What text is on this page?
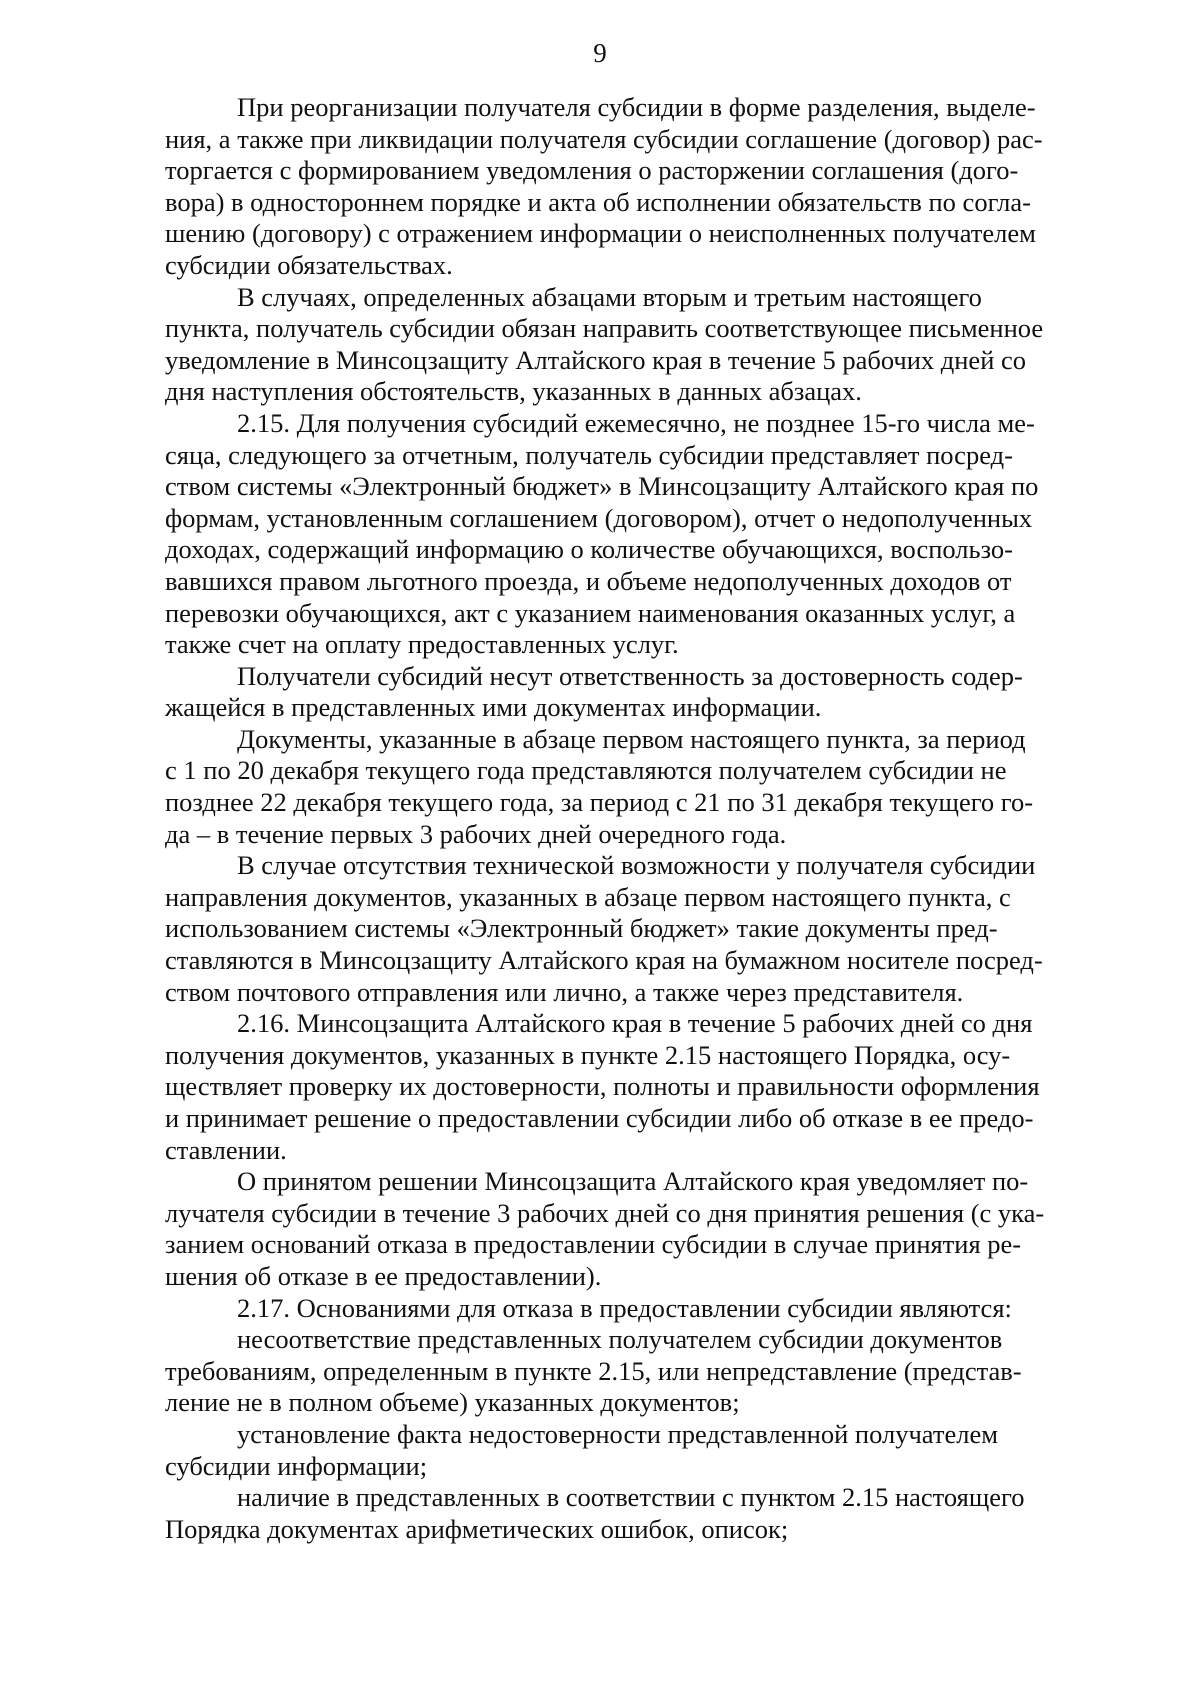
9

При реорганизации получателя субсидии в форме разделения, выделе-
ния, а также при ликвидации получателя субсидии соглашение (договор) рас-
торгается с формированием уведомления о расторжении соглашения (дого-
вора) в одностороннем порядке и акта об исполнении обязательств по согла-
шению (договору) с отражением информации о неисполненных получателем
субсидии обязательствах.

В случаях, определенных абзацами вторым и третьим настоящего
пункта, получатель субсидии обязан направить соответствующее письменное
уведомление в Минсоцзащиту Алтайского края в течение 5 рабочих дней со
дня наступления обстоятельств, указанных в данных абзацах.

2.15. Для получения субсидий ежемесячно, не позднее 15-го числа ме-
сяца, следующего за отчетным, получатель субсидии представляет посред-
ством системы «Электронный бюджет» в Минсоцзащиту Алтайского края по
формам, установленным соглашением (договором), отчет о недополученных
доходах, содержащий информацию о количестве обучающихся, воспользо-
вавшихся правом льготного проезда, и объеме недополученных доходов от
перевозки обучающихся, акт с указанием наименования оказанных услуг, а
также счет на оплату предоставленных услуг.

Получатели субсидий несут ответственность за достоверность содер-
жащейся в представленных ими документах информации.

Документы, указанные в абзаце первом настоящего пункта, за период
с 1 по 20 декабря текущего года представляются получателем субсидии не
позднее 22 декабря текущего года, за период с 21 по 31 декабря текущего го-
да – в течение первых 3 рабочих дней очередного года.

В случае отсутствия технической возможности у получателя субсидии
направления документов, указанных в абзаце первом настоящего пункта, с
использованием системы «Электронный бюджет» такие документы пред-
ставляются в Минсоцзащиту Алтайского края на бумажном носителе посред-
ством почтового отправления или лично, а также через представителя.

2.16. Минсоцзащита Алтайского края в течение 5 рабочих дней со дня
получения документов, указанных в пункте 2.15 настоящего Порядка, осу-
ществляет проверку их достоверности, полноты и правильности оформления
и принимает решение о предоставлении субсидии либо об отказе в ее предо-
ставлении.

О принятом решении Минсоцзащита Алтайского края уведомляет по-
лучателя субсидии в течение 3 рабочих дней со дня принятия решения (с ука-
занием оснований отказа в предоставлении субсидии в случае принятия ре-
шения об отказе в ее предоставлении).

2.17. Основаниями для отказа в предоставлении субсидии являются:

несоответствие представленных получателем субсидии документов
требованиям, определенным в пункте 2.15, или непредставление (представ-
ление не в полном объеме) указанных документов;

установление факта недостоверности представленной получателем
субсидии информации;

наличие в представленных в соответствии с пунктом 2.15 настоящего
Порядка документах арифметических ошибок, описок;
